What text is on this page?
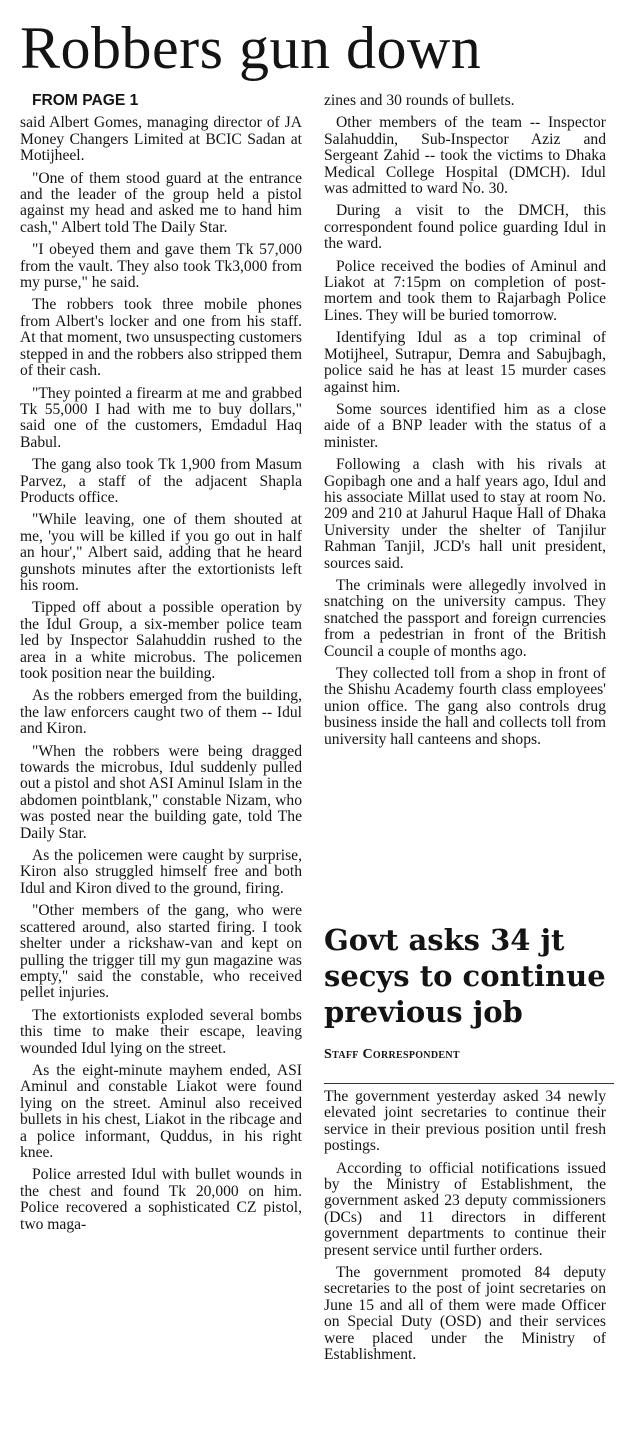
Robbers gun down

FROM PAGE 1

said Albert Gomes, managing director of JA Money Changers Limited at BCIC Sadan at Motijheel.

"One of them stood guard at the entrance and the leader of the group held a pistol against my head and asked me to hand him cash," Albert told The Daily Star.

"I obeyed them and gave them Tk 57,000 from the vault. They also took Tk3,000 from my purse," he said.

The robbers took three mobile phones from Albert's locker and one from his staff. At that moment, two unsuspecting customers stepped in and the robbers also stripped them of their cash.

"They pointed a firearm at me and grabbed Tk 55,000 I had with me to buy dollars," said one of the customers, Emdadul Haq Babul.

The gang also took Tk 1,900 from Masum Parvez, a staff of the adjacent Shapla Products office.

"While leaving, one of them shouted at me, 'you will be killed if you go out in half an hour'," Albert said, adding that he heard gunshots minutes after the extortionists left his room.

Tipped off about a possible operation by the Idul Group, a six-member police team led by Inspector Salahuddin rushed to the area in a white microbus. The policemen took position near the building.

As the robbers emerged from the building, the law enforcers caught two of them -- Idul and Kiron.

"When the robbers were being dragged towards the microbus, Idul suddenly pulled out a pistol and shot ASI Aminul Islam in the abdomen pointblank," constable Nizam, who was posted near the building gate, told The Daily Star.

As the policemen were caught by surprise, Kiron also struggled himself free and both Idul and Kiron dived to the ground, firing.

"Other members of the gang, who were scattered around, also started firing. I took shelter under a rickshaw-van and kept on pulling the trigger till my gun magazine was empty," said the constable, who received pellet injuries.

The extortionists exploded several bombs this time to make their escape, leaving wounded Idul lying on the street.

As the eight-minute mayhem ended, ASI Aminul and constable Liakot were found lying on the street. Aminul also received bullets in his chest, Liakot in the ribcage and a police informant, Quddus, in his right knee.

Police arrested Idul with bullet wounds in the chest and found Tk 20,000 on him. Police recovered a sophisticated CZ pistol, two maga-

zines and 30 rounds of bullets.

Other members of the team -- Inspector Salahuddin, Sub-Inspector Aziz and Sergeant Zahid -- took the victims to Dhaka Medical College Hospital (DMCH). Idul was admitted to ward No. 30.

During a visit to the DMCH, this correspondent found police guarding Idul in the ward.

Police received the bodies of Aminul and Liakot at 7:15pm on completion of post-mortem and took them to Rajarbagh Police Lines. They will be buried tomorrow.

Identifying Idul as a top criminal of Motijheel, Sutrapur, Demra and Sabujbagh, police said he has at least 15 murder cases against him.

Some sources identified him as a close aide of a BNP leader with the status of a minister.

Following a clash with his rivals at Gopibagh one and a half years ago, Idul and his associate Millat used to stay at room No. 209 and 210 at Jahurul Haque Hall of Dhaka University under the shelter of Tanjilur Rahman Tanjil, JCD's hall unit president, sources said.

The criminals were allegedly involved in snatching on the university campus. They snatched the passport and foreign currencies from a pedestrian in front of the British Council a couple of months ago.

They collected toll from a shop in front of the Shishu Academy fourth class employees' union office. The gang also controls drug business inside the hall and collects toll from university hall canteens and shops.

Govt asks 34 jt secys to continue previous job

Staff Correspondent

The government yesterday asked 34 newly elevated joint secretaries to continue their service in their previous position until fresh postings.

According to official notifications issued by the Ministry of Establishment, the government asked 23 deputy commissioners (DCs) and 11 directors in different government departments to continue their present service until further orders.

The government promoted 84 deputy secretaries to the post of joint secretaries on June 15 and all of them were made Officer on Special Duty (OSD) and their services were placed under the Ministry of Establishment.
